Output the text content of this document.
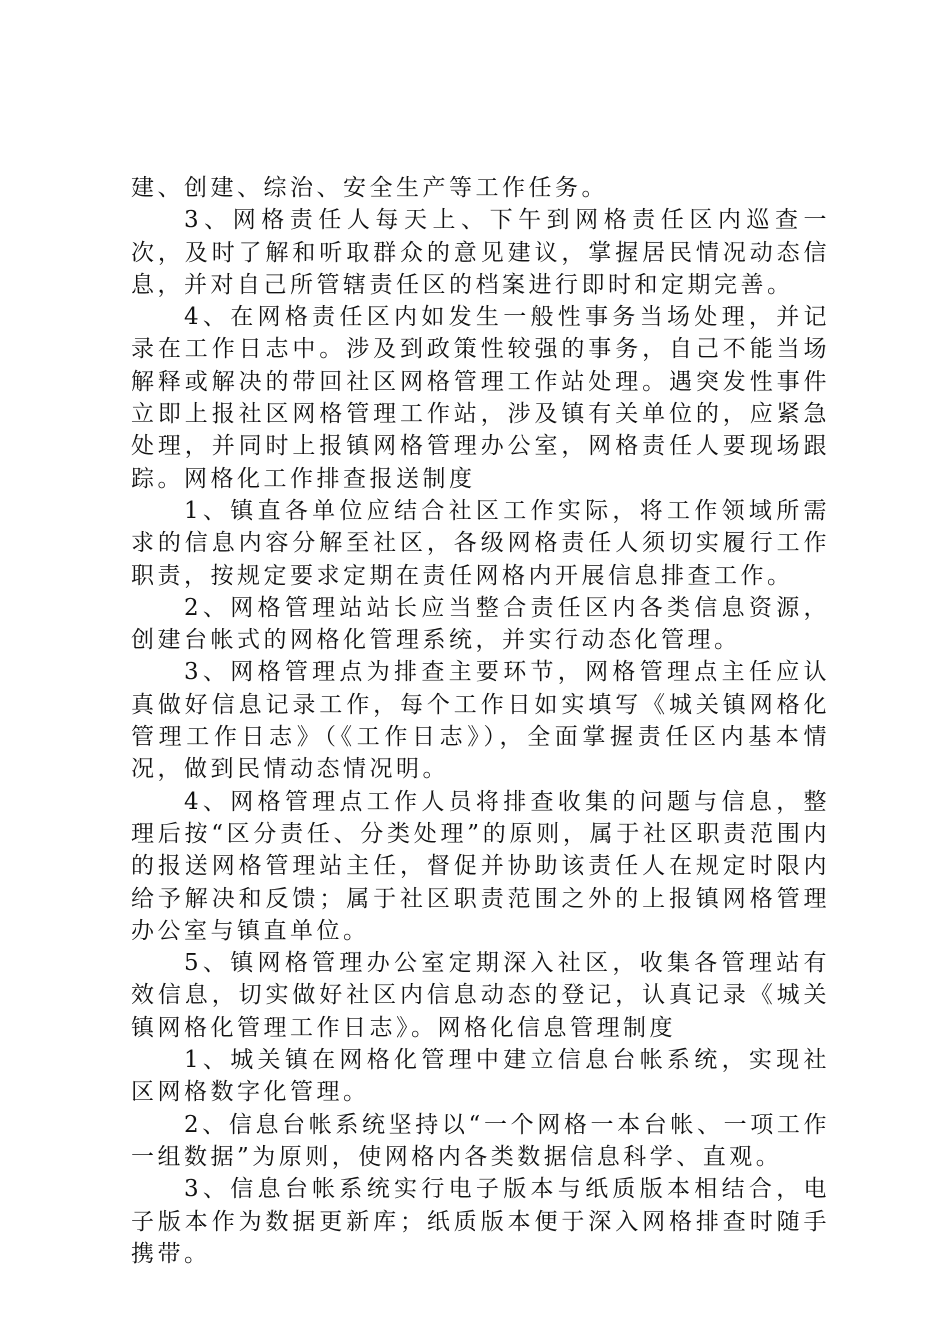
建、创建、综治、安全生产等工作任务。

3、网格责任人每天上、下午到网格责任区内巡查一次，及时了解和听取群众的意见建议，掌握居民情况动态信息，并对自己所管辖责任区的档案进行即时和定期完善。

4、在网格责任区内如发生一般性事务当场处理，并记录在工作日志中。涉及到政策性较强的事务，自己不能当场解释或解决的带回社区网格管理工作站处理。遇突发性事件立即上报社区网格管理工作站，涉及镇有关单位的，应紧急处理，并同时上报镇网格管理办公室，网格责任人要现场跟踪。网格化工作排查报送制度

1、镇直各单位应结合社区工作实际，将工作领域所需求的信息内容分解至社区，各级网格责任人须切实履行工作职责，按规定要求定期在责任网格内开展信息排查工作。

2、网格管理站站长应当整合责任区内各类信息资源，创建台帐式的网格化管理系统，并实行动态化管理。

3、网格管理点为排查主要环节，网格管理点主任应认真做好信息记录工作，每个工作日如实填写《城关镇网格化管理工作日志》（《工作日志》），全面掌握责任区内基本情况，做到民情动态情况明。

4、网格管理点工作人员将排查收集的问题与信息，整理后按“区分责任、分类处理”的原则，属于社区职责范围内的报送网格管理站主任，督促并协助该责任人在规定时限内给予解决和反馈；属于社区职责范围之外的上报镇网格管理办公室与镇直单位。

5、镇网格管理办公室定期深入社区，收集各管理站有效信息，切实做好社区内信息动态的登记，认真记录《城关镇网格化管理工作日志》。网格化信息管理制度

1、城关镇在网格化管理中建立信息台帐系统，实现社区网格数字化管理。

2、信息台帐系统坚持以“一个网格一本台帐、一项工作一组数据”为原则，使网格内各类数据信息科学、直观。

3、信息台帐系统实行电子版本与纸质版本相结合，电子版本作为数据更新库；纸质版本便于深入网格排查时随手携带。
